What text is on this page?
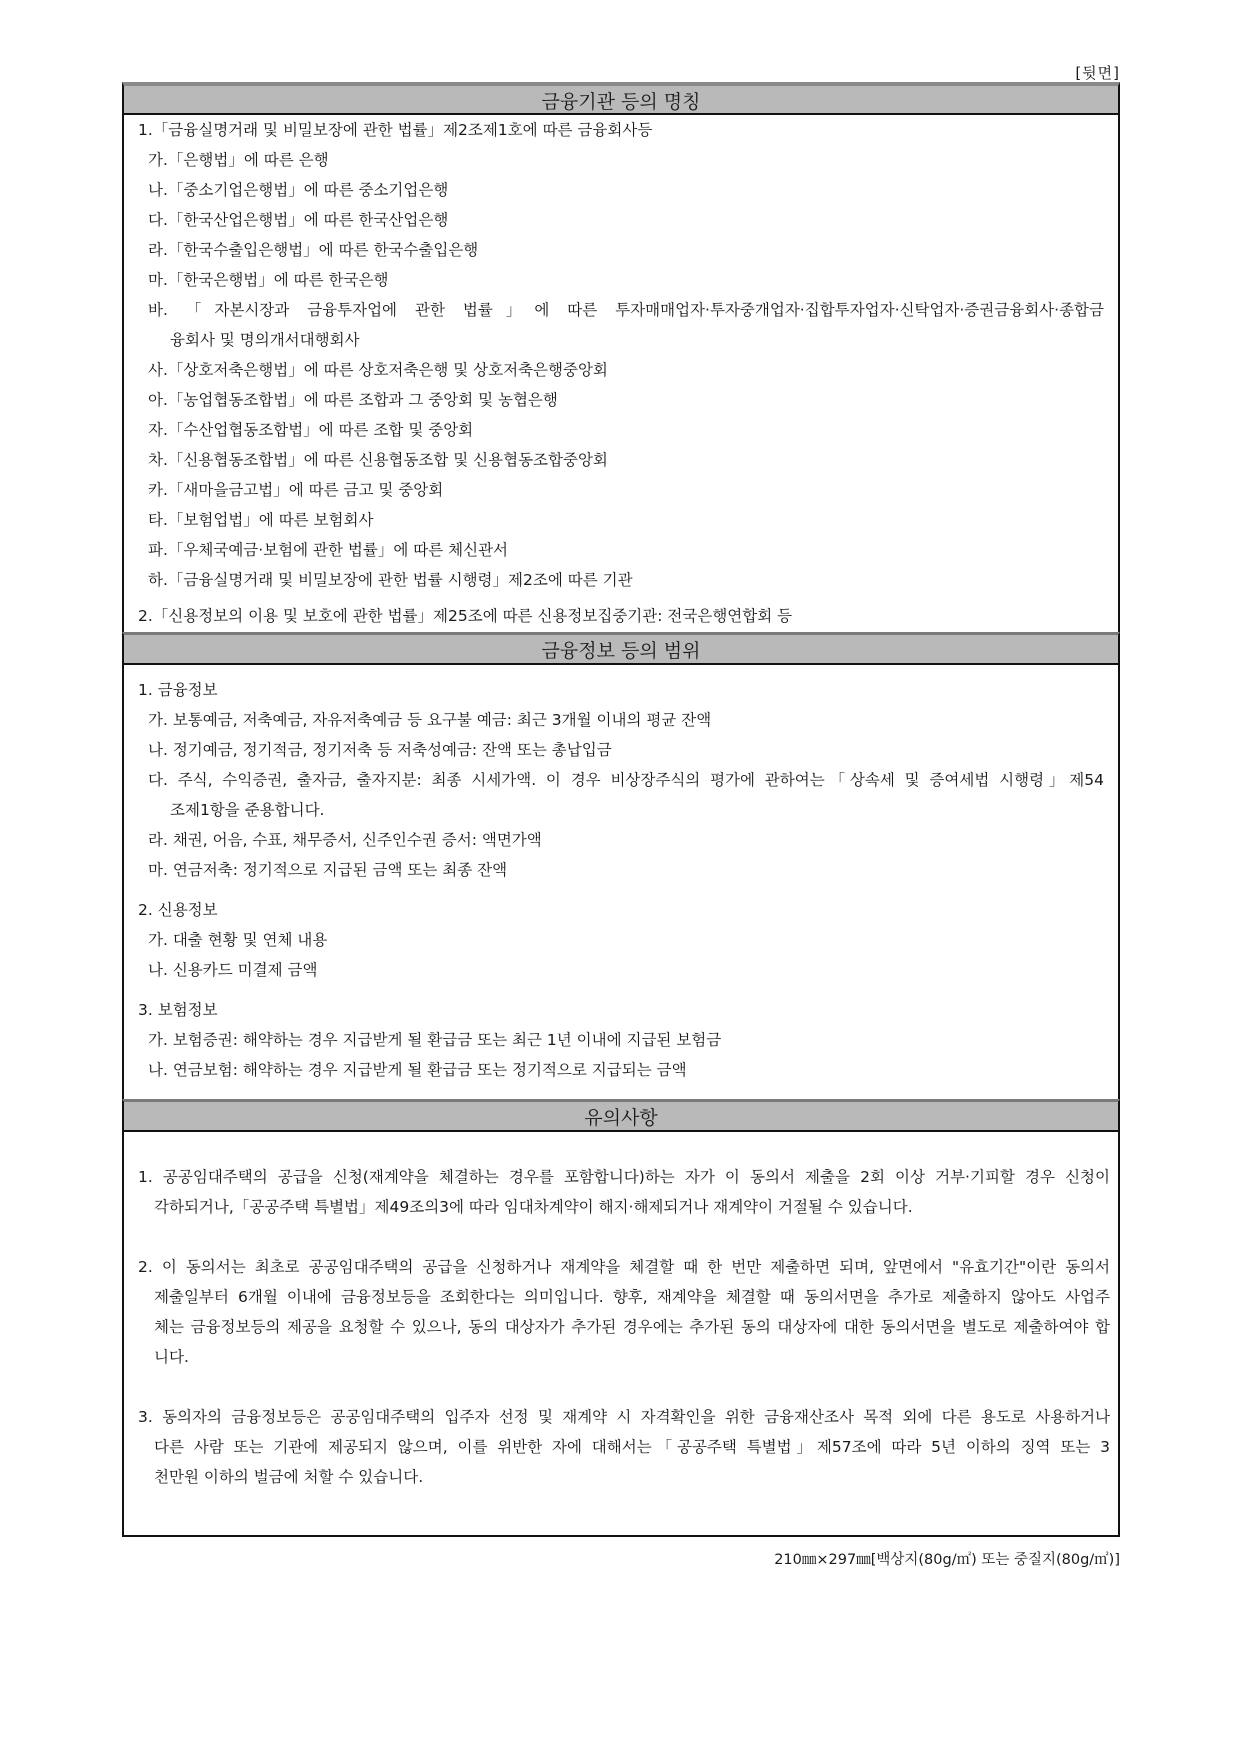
[뒷면]
금융기관 등의 명칭
1.「금융실명거래 및 비밀보장에 관한 법률」제2조제1호에 따른 금융회사등
가.「은행법」에 따른 은행
나.「중소기업은행법」에 따른 중소기업은행
다.「한국산업은행법」에 따른 한국산업은행
라.「한국수출입은행법」에 따른 한국수출입은행
마.「한국은행법」에 따른 한국은행
바. 「자본시장과 금융투자업에 관한 법률」에 따른 투자매매업자·투자중개업자·집합투자업자·신탁업자·증권금융회사·종합금
융회사 및 명의개서대행회사
사.「상호저축은행법」에 따른 상호저축은행 및 상호저축은행중앙회
아.「농업협동조합법」에 따른 조합과 그 중앙회 및 농협은행
자.「수산업협동조합법」에 따른 조합 및 중앙회
차.「신용협동조합법」에 따른 신용협동조합 및 신용협동조합중앙회
카.「새마을금고법」에 따른 금고 및 중앙회
타.「보험업법」에 따른 보험회사
파.「우체국예금·보험에 관한 법률」에 따른 체신관서
하.「금융실명거래 및 비밀보장에 관한 법률 시행령」제2조에 따른 기관
2.「신용정보의 이용 및 보호에 관한 법률」제25조에 따른 신용정보집중기관: 전국은행연합회 등
금융정보 등의 범위
1. 금융정보
가. 보통예금, 저축예금, 자유저축예금 등 요구불 예금: 최근 3개월 이내의 평균 잔액
나. 정기예금, 정기적금, 정기저축 등 저축성예금: 잔액 또는 총납입금
다. 주식, 수익증권, 출자금, 출자지분: 최종 시세가액. 이 경우 비상장주식의 평가에 관하여는「상속세 및 증여세법 시행령」제54
조제1항을 준용합니다.
라. 채권, 어음, 수표, 채무증서, 신주인수권 증서: 액면가액
마. 연금저축: 정기적으로 지급된 금액 또는 최종 잔액
2. 신용정보
가. 대출 현황 및 연체 내용
나. 신용카드 미결제 금액
3. 보험정보
가. 보험증권: 해약하는 경우 지급받게 될 환급금 또는 최근 1년 이내에 지급된 보험금
나. 연금보험: 해약하는 경우 지급받게 될 환급금 또는 정기적으로 지급되는 금액
유의사항

1. 공공임대주택의 공급을 신청(재계약을 체결하는 경우를 포함합니다)하는 자가 이 동의서 제출을 2회 이상 거부·기피할 경우 신청이

각하되거나,「공공주택 특별법」제49조의3에 따라 임대차계약이 해지·해제되거나 재계약이 거절될 수 있습니다.

2. 이 동의서는 최초로 공공임대주택의 공급을 신청하거나 재계약을 체결할 때 한 번만 제출하면 되며, 앞면에서 "유효기간"이란 동의서

제출일부터 6개월 이내에 금융정보등을 조회한다는 의미입니다. 향후, 재계약을 체결할 때 동의서면을 추가로 제출하지 않아도 사업주

체는 금융정보등의 제공을 요청할 수 있으나, 동의 대상자가 추가된 경우에는 추가된 동의 대상자에 대한 동의서면을 별도로 제출하여야 합

니다.

3. 동의자의 금융정보등은 공공임대주택의 입주자 선정 및 재계약 시 자격확인을 위한 금융재산조사 목적 외에 다른 용도로 사용하거나

다른 사람 또는 기관에 제공되지 않으며, 이를 위반한 자에 대해서는「공공주택 특별법」제57조에 따라 5년 이하의 징역 또는 3

천만원 이하의 벌금에 처할 수 있습니다.

210㎜×297㎜[백상지(80g/㎡) 또는 중질지(80g/㎡)]
